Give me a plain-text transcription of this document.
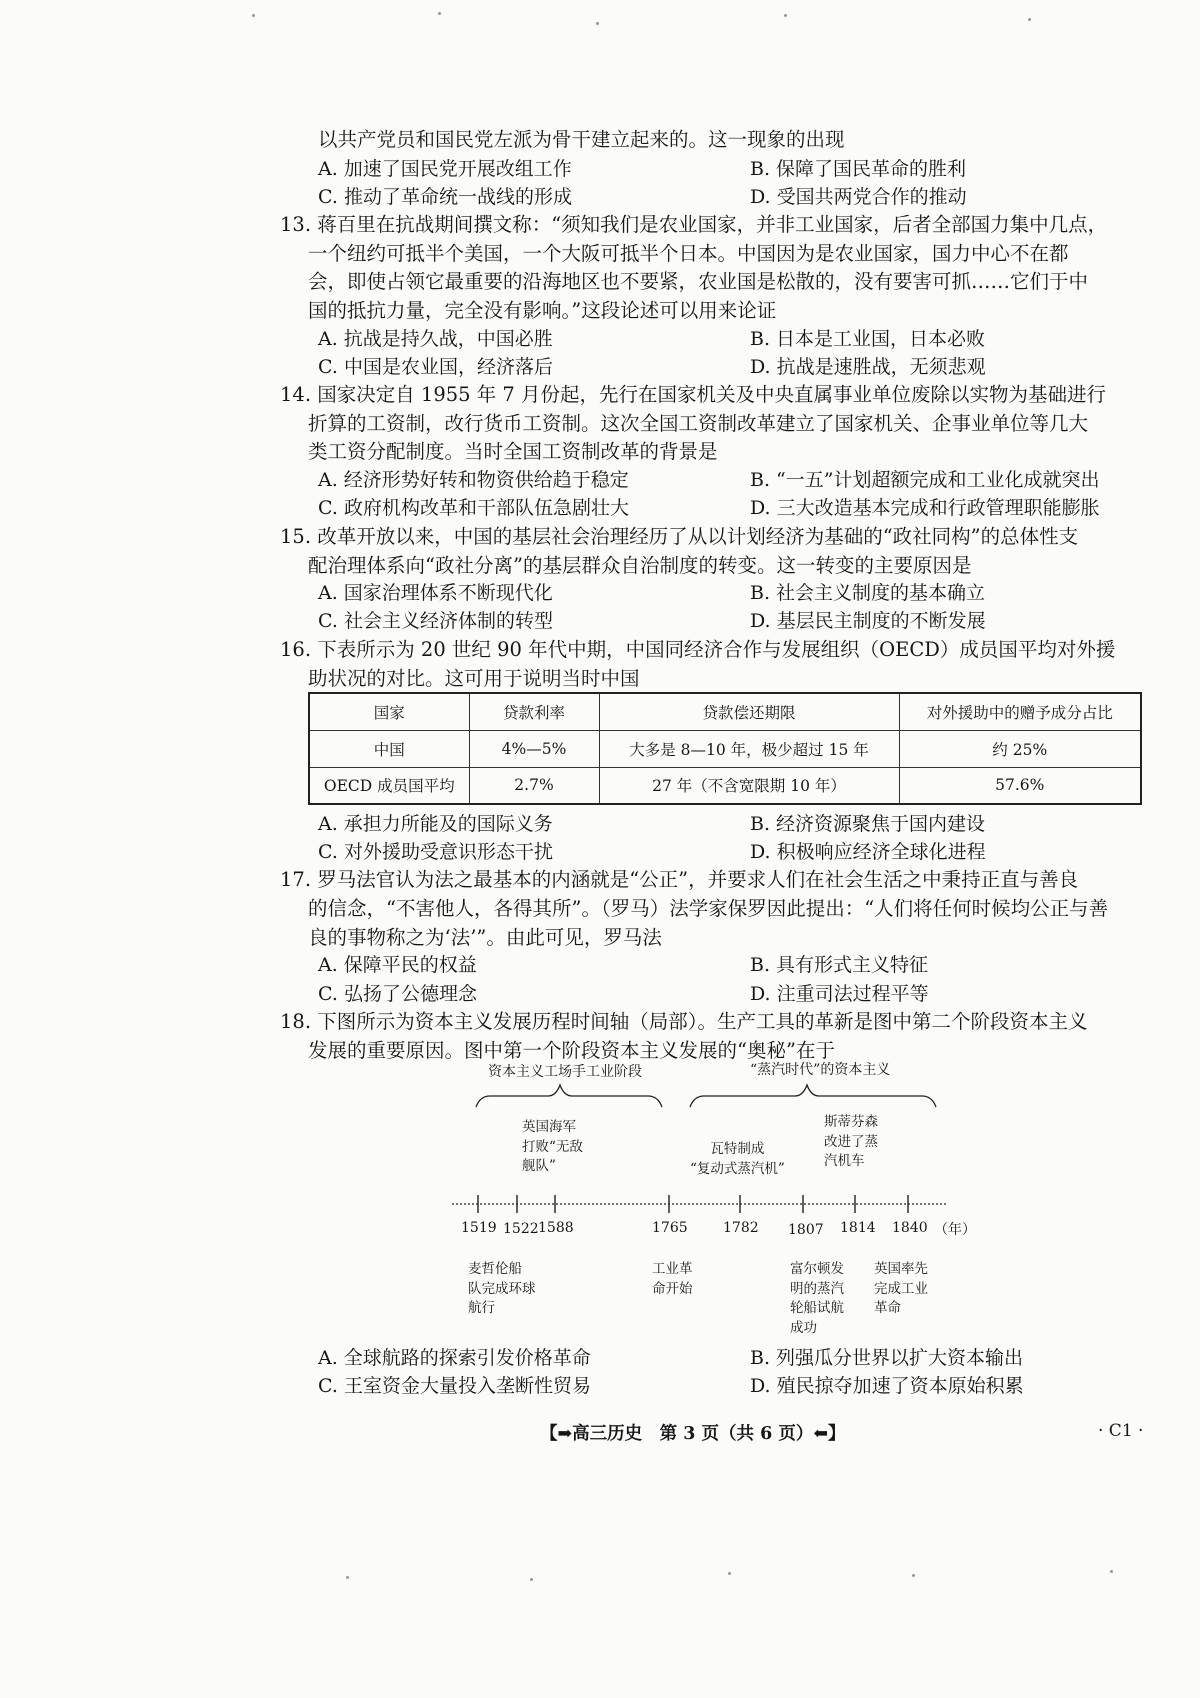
以共产党员和国民党左派为骨干建立起来的。这一现象的出现
A. 加速了国民党开展改组工作	B. 保障了国民革命的胜利
C. 推动了革命统一战线的形成	D. 受国共两党合作的推动
13. 蒋百里在抗战期间撰文称：“须知我们是农业国家，并非工业国家，后者全部国力集中几点，
一个纽约可抵半个美国，一个大阪可抵半个日本。中国因为是农业国家，国力中心不在都
会，即使占领它最重要的沿海地区也不要紧，农业国是松散的，没有要害可抓……它们于中
国的抵抗力量，完全没有影响。”这段论述可以用来论证
A. 抗战是持久战，中国必胜	B. 日本是工业国，日本必败
C. 中国是农业国，经济落后	D. 抗战是速胜战，无须悲观
14. 国家决定自 1955 年 7 月份起，先行在国家机关及中央直属事业单位废除以实物为基础进行
折算的工资制，改行货币工资制。这次全国工资制改革建立了国家机关、企事业单位等几大
类工资分配制度。当时全国工资制改革的背景是
A. 经济形势好转和物资供给趋于稳定	B. “一五”计划超额完成和工业化成就突出
C. 政府机构改革和干部队伍急剧壮大	D. 三大改造基本完成和行政管理职能膨胀
15. 改革开放以来，中国的基层社会治理经历了从以计划经济为基础的“政社同构”的总体性支
配治理体系向“政社分离”的基层群众自治制度的转变。这一转变的主要原因是
A. 国家治理体系不断现代化	B. 社会主义制度的基本确立
C. 社会主义经济体制的转型	D. 基层民主制度的不断发展
16. 下表所示为 20 世纪 90 年代中期，中国同经济合作与发展组织（OECD）成员国平均对外援
助状况的对比。这可用于说明当时中国
国家	贷款利率	贷款偿还期限	对外援助中的赠予成分占比
中国	4%—5%	大多是 8—10 年，极少超过 15 年	约 25%
OECD 成员国平均	2.7%	27 年（不含宽限期 10 年）	57.6%
A. 承担力所能及的国际义务	B. 经济资源聚焦于国内建设
C. 对外援助受意识形态干扰	D. 积极响应经济全球化进程
17. 罗马法官认为法之最基本的内涵就是“公正”，并要求人们在社会生活之中秉持正直与善良
的信念，“不害他人，各得其所”。（罗马）法学家保罗因此提出：“人们将任何时候均公正与善
良的事物称之为‘法’”。由此可见，罗马法
A. 保障平民的权益	B. 具有形式主义特征
C. 弘扬了公德理念	D. 注重司法过程平等
18. 下图所示为资本主义发展历程时间轴（局部）。生产工具的革新是图中第二个阶段资本主义
发展的重要原因。图中第一个阶段资本主义发展的“奥秘”在于
资本主义工场手工业阶段	“蒸汽时代”的资本主义
英国海军
打败“无敌
舰队”
瓦特制成
“复动式蒸汽机”
斯蒂芬森
改进了蒸
汽机车
1519 1522 1588	1765	1782 1807 1814 1840 （年）
麦哲伦船
队完成环球
航行
工业革
命开始
富尔顿发
明的蒸汽
轮船试航
成功
英国率先
完成工业
革命
A. 全球航路的探索引发价格革命	B. 列强瓜分世界以扩大资本输出
C. 王室资金大量投入垄断性贸易	D. 殖民掠夺加速了资本原始积累
【➡高三历史　第 3 页（共 6 页）⬅】	· C1 ·
